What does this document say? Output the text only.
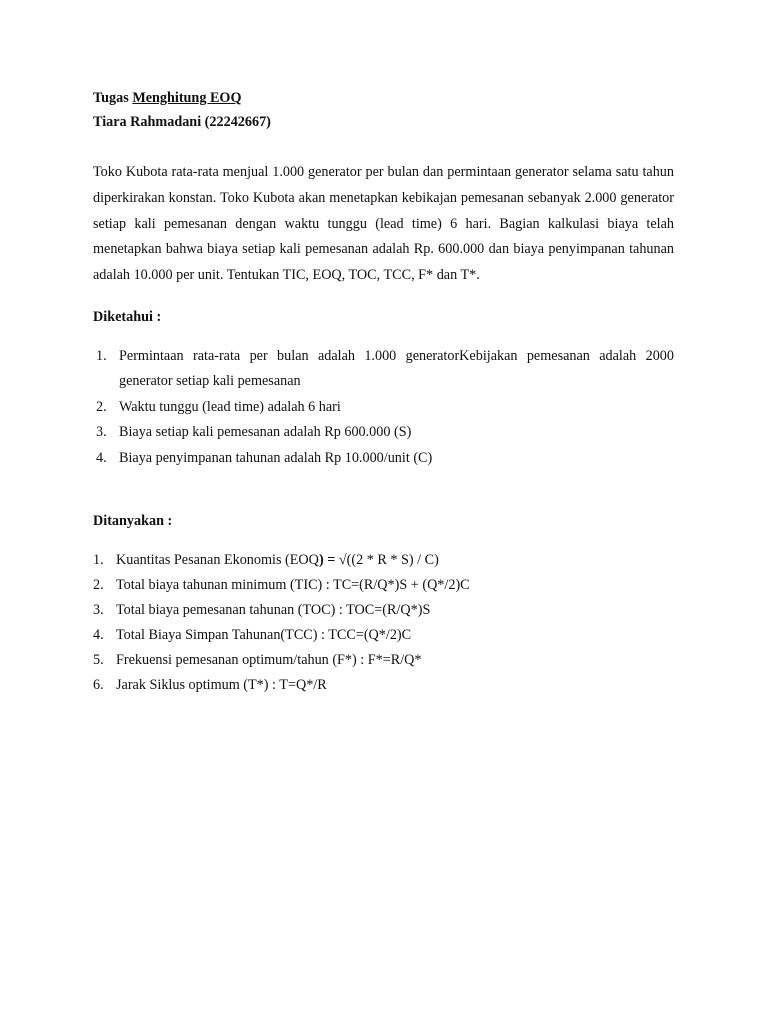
Tugas Menghitung EOQ
Tiara Rahmadani (22242667)
Toko Kubota rata-rata menjual 1.000 generator per bulan dan permintaan generator selama satu tahun diperkirakan konstan. Toko Kubota akan menetapkan kebikajan pemesanan sebanyak 2.000 generator setiap kali pemesanan dengan waktu tunggu (lead time) 6 hari. Bagian kalkulasi biaya telah menetapkan bahwa biaya setiap kali pemesanan adalah Rp. 600.000 dan biaya penyimpanan tahunan adalah 10.000 per unit. Tentukan TIC, EOQ, TOC, TCC, F* dan T*.
Diketahui :
1. Permintaan rata-rata per bulan adalah 1.000 generatorKebijakan pemesanan adalah 2000 generator setiap kali pemesanan
2. Waktu tunggu (lead time) adalah 6 hari
3. Biaya setiap kali pemesanan adalah Rp 600.000 (S)
4. Biaya penyimpanan tahunan adalah Rp 10.000/unit (C)
Ditanyakan :
1. Kuantitas Pesanan Ekonomis (EOQ) = √((2 * R * S) / C)
2. Total biaya tahunan minimum (TIC) : TC=(R/Q*)S + (Q*/2)C
3. Total biaya pemesanan tahunan (TOC) : TOC=(R/Q*)S
4. Total Biaya Simpan Tahunan(TCC) : TCC=(Q*/2)C
5. Frekuensi pemesanan optimum/tahun (F*) : F*=R/Q*
6. Jarak Siklus optimum (T*) : T=Q*/R
